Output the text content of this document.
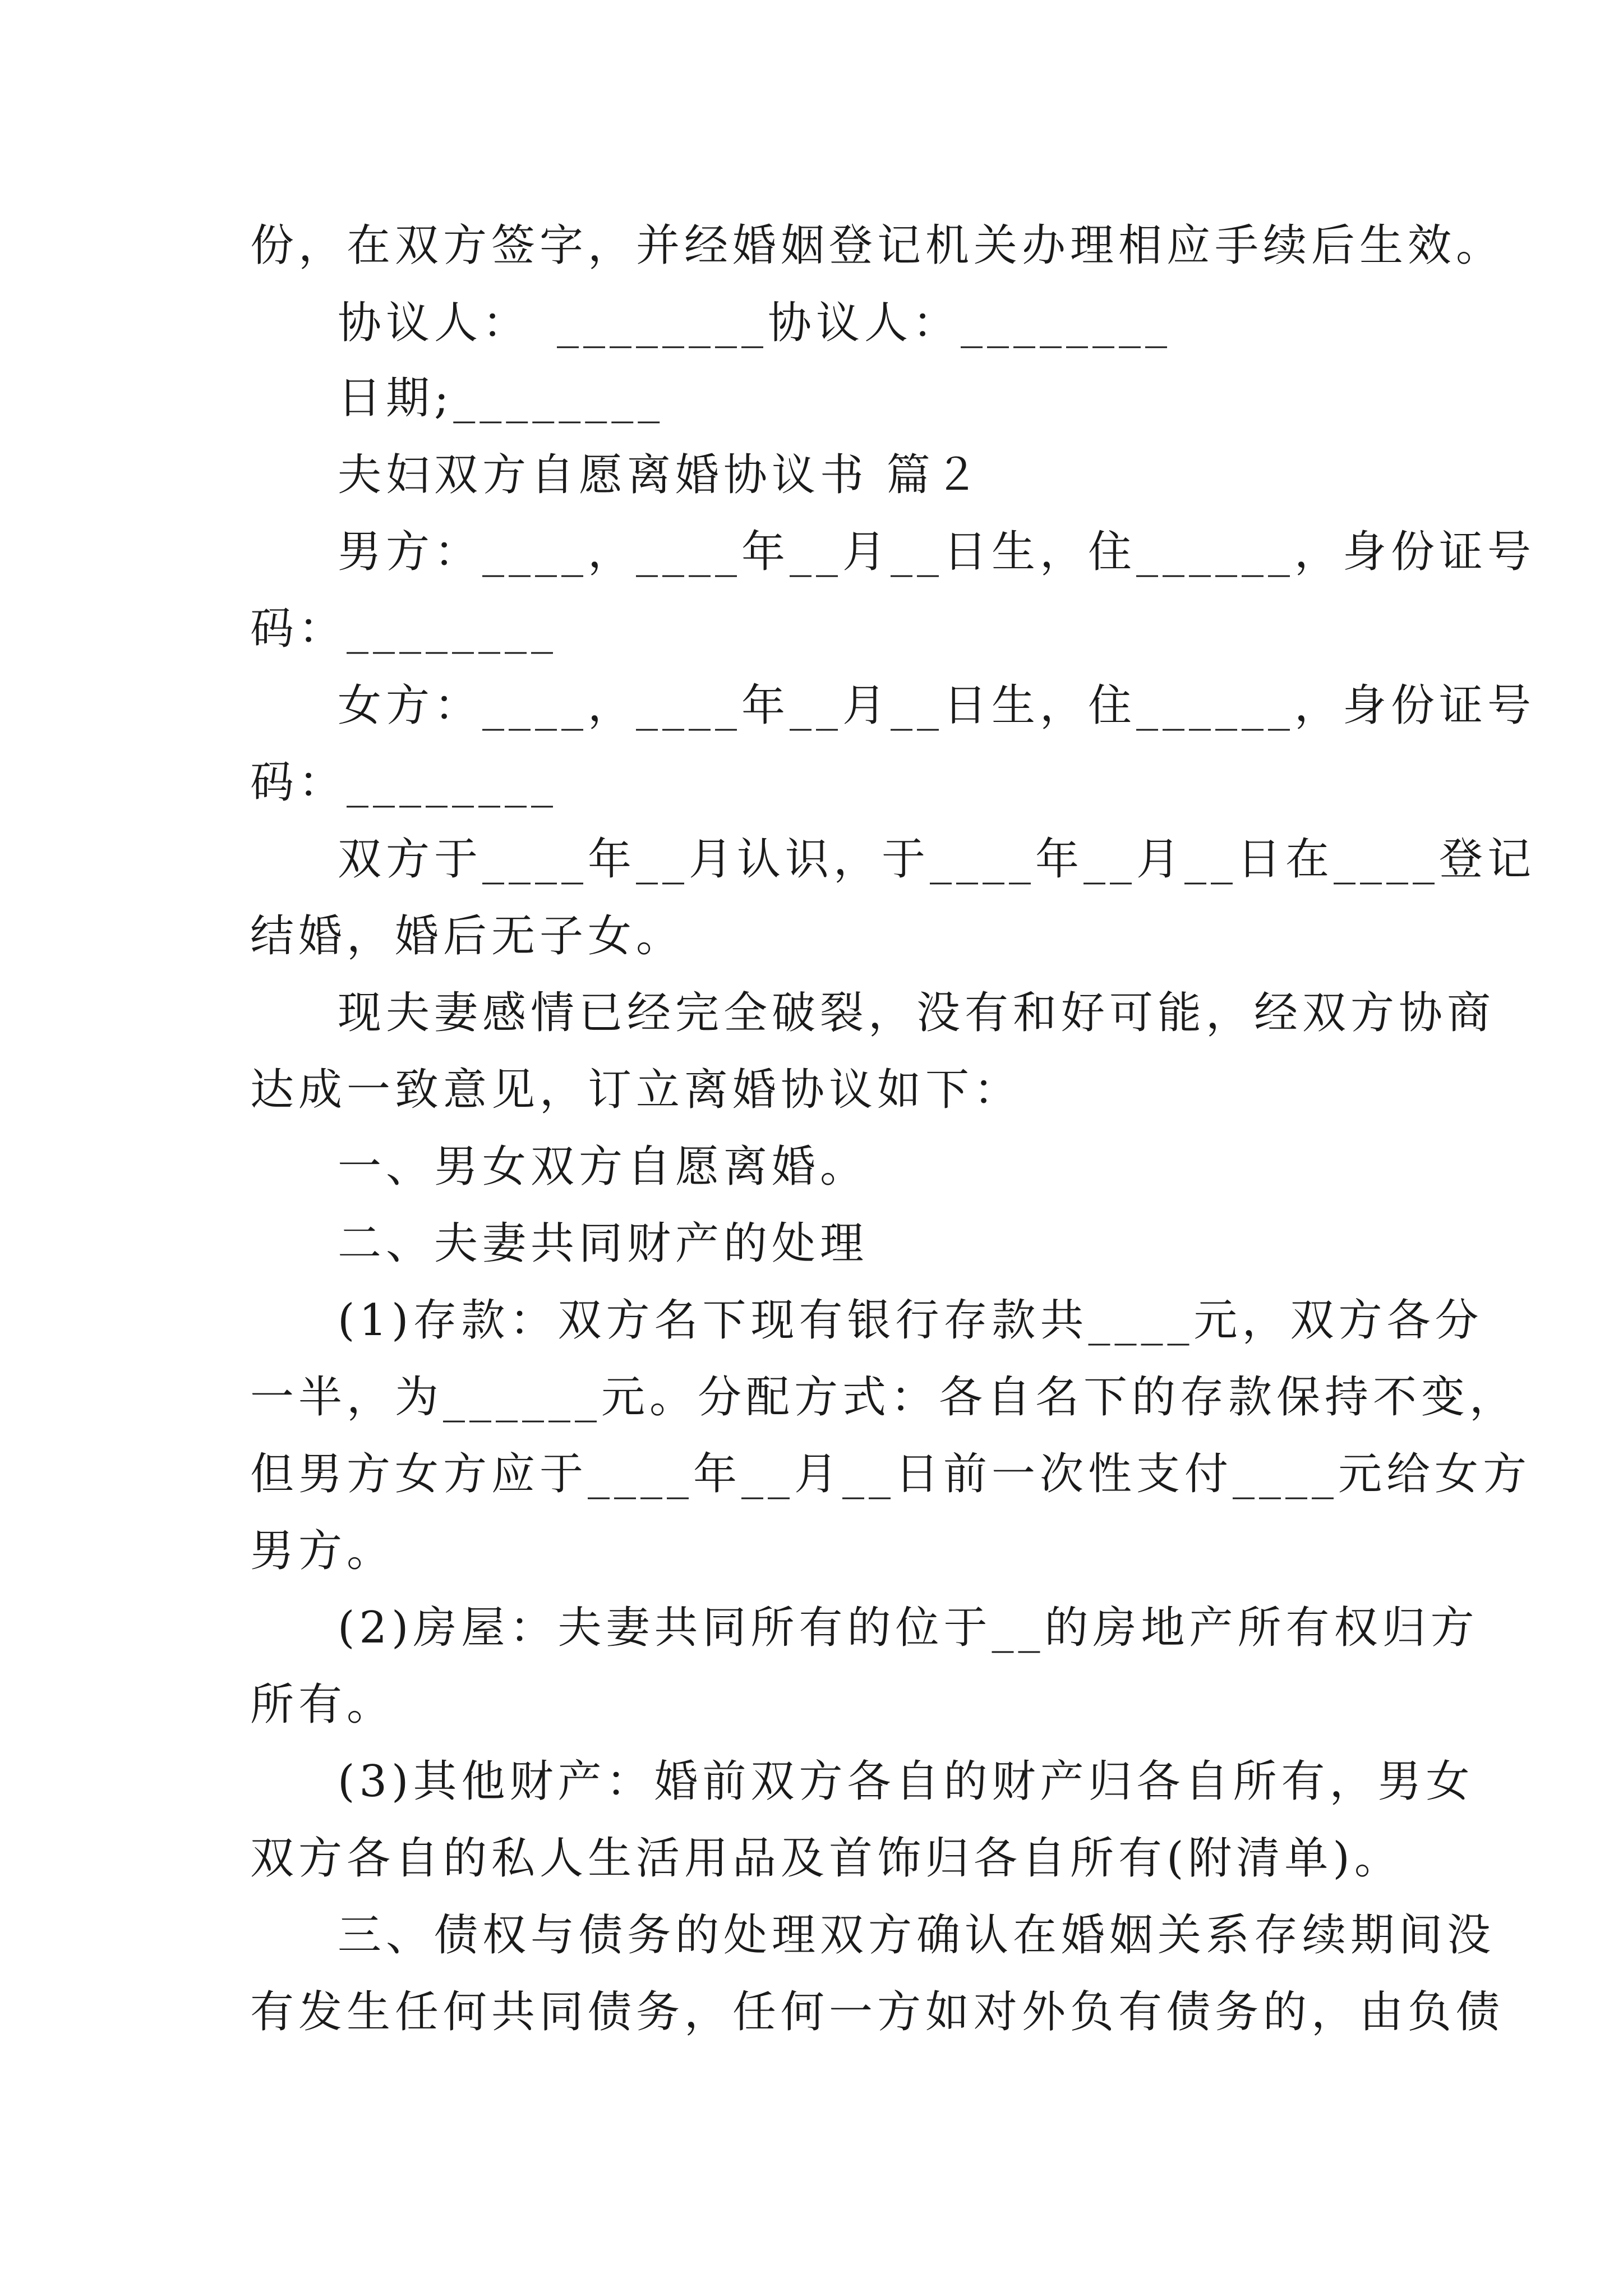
份，在双方签字，并经婚姻登记机关办理相应手续后生效。
协议人：　________协议人：________
日期;________
夫妇双方自愿离婚协议书 篇２
男方：____，____年__月__日生，住______，身份证号
码：________
女方：____，____年__月__日生，住______，身份证号
码：________
双方于____年__月认识，于____年__月__日在____登记
结婚，婚后无子女。
现夫妻感情已经完全破裂，没有和好可能，经双方协商
达成一致意见，订立离婚协议如下：
一、男女双方自愿离婚。
二、夫妻共同财产的处理
(1)存款：双方名下现有银行存款共____元，双方各分
一半，为______元。分配方式：各自名下的存款保持不变，
但男方女方应于____年__月__日前一次性支付____元给女方
男方。
(2)房屋：夫妻共同所有的位于__的房地产所有权归方
所有。
(3)其他财产：婚前双方各自的财产归各自所有，男女
双方各自的私人生活用品及首饰归各自所有(附清单)。
三、债权与债务的处理双方确认在婚姻关系存续期间没
有发生任何共同债务，任何一方如对外负有债务的，由负债
